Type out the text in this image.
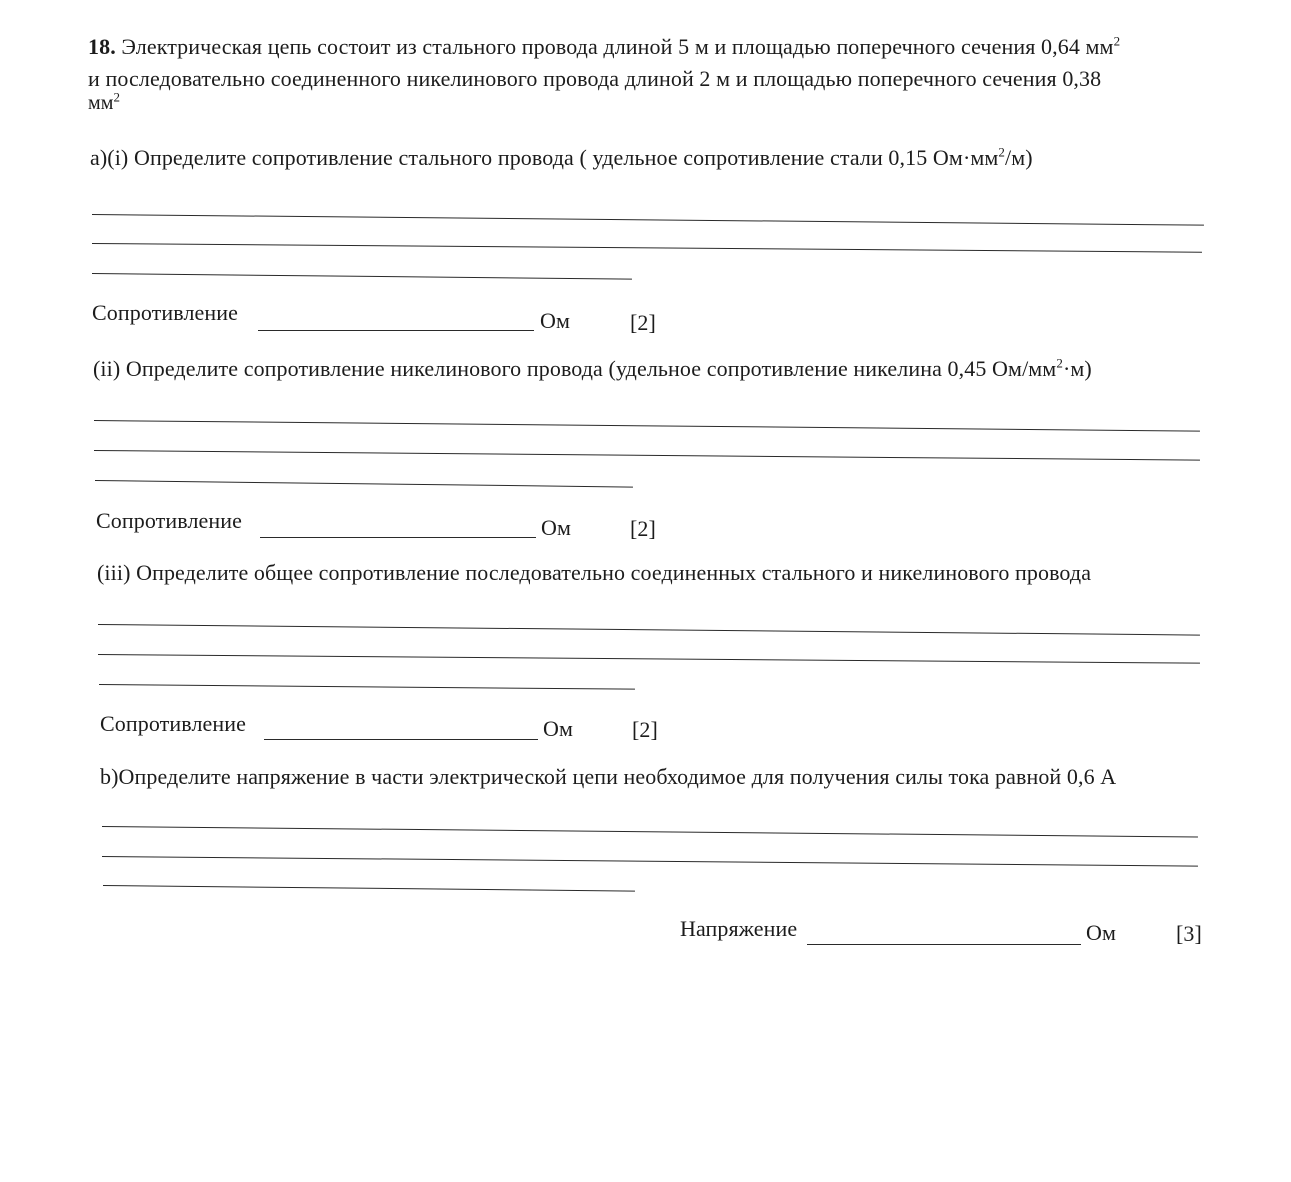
18. Электрическая цепь состоит из стального провода длиной 5 м и площадью поперечного сечения 0,64 $мм^2$
и последовательно соединенного никелинового провода длиной 2 м и площадью поперечного сечения 0,38
$мм^2$
a)(i) Определите сопротивление стального провода ( удельное сопротивление стали 0,15 $Ом\cdot мм^2/м$)
Сопротивление	Ом	[2]
(ii) Определите сопротивление никелинового провода (удельное сопротивление никелина 0,45 $Ом/мм^2\cdot м$)
Сопротивление	Ом	[2]
(iii) Определите общее сопротивление последовательно соединенных стального и никелинового провода
Сопротивление	Ом	[2]
b)Определите напряжение в части электрической цепи необходимое для получения силы тока равной 0,6 А
Напряжение	Ом	[3]
